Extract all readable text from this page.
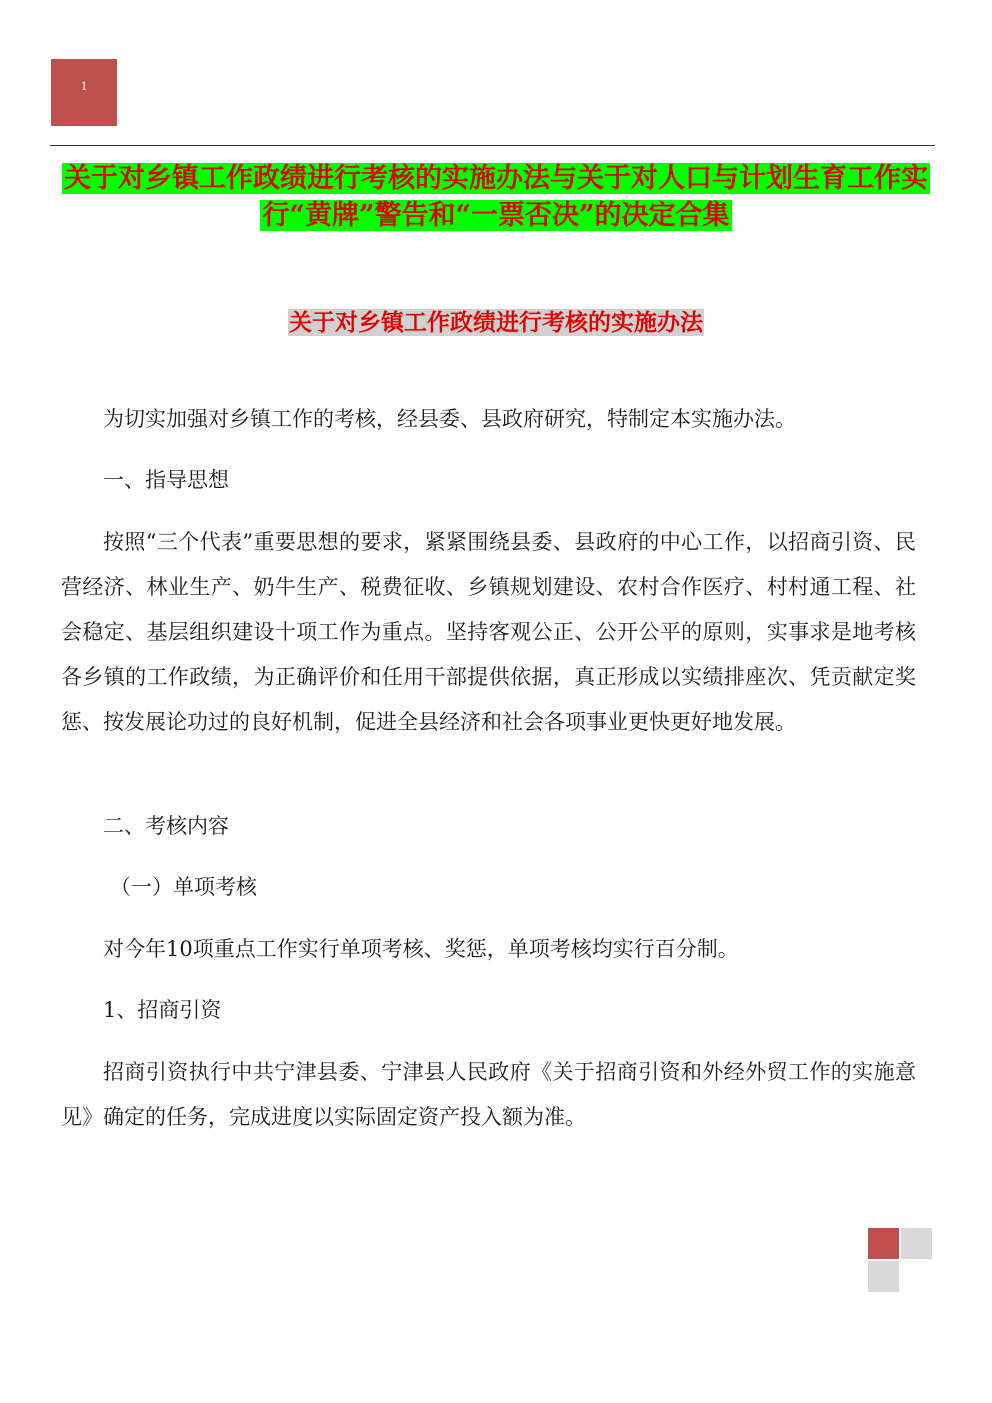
1
关于对乡镇工作政绩进行考核的实施办法与关于对人口与计划生育工作实行“黄牌”警告和“一票否决”的决定合集
关于对乡镇工作政绩进行考核的实施办法

为切实加强对乡镇工作的考核，经县委、县政府研究，特制定本实施办法。

一、指导思想

按照“三个代表”重要思想的要求，紧紧围绕县委、县政府的中心工作，以招商引资、民营经济、林业生产、奶牛生产、税费征收、乡镇规划建设、农村合作医疗、村村通工程、社会稳定、基层组织建设十项工作为重点。坚持客观公正、公开公平的原则，实事求是地考核各乡镇的工作政绩，为正确评价和任用干部提供依据，真正形成以实绩排座次、凭贡献定奖惩、按发展论功过的良好机制，促进全县经济和社会各项事业更快更好地发展。

二、考核内容

（一）单项考核

对今年10项重点工作实行单项考核、奖惩，单项考核均实行百分制。

1、招商引资

招商引资执行中共宁津县委、宁津县人民政府《关于招商引资和外经外贸工作的实施意见》确定的任务，完成进度以实际固定资产投入额为准。
